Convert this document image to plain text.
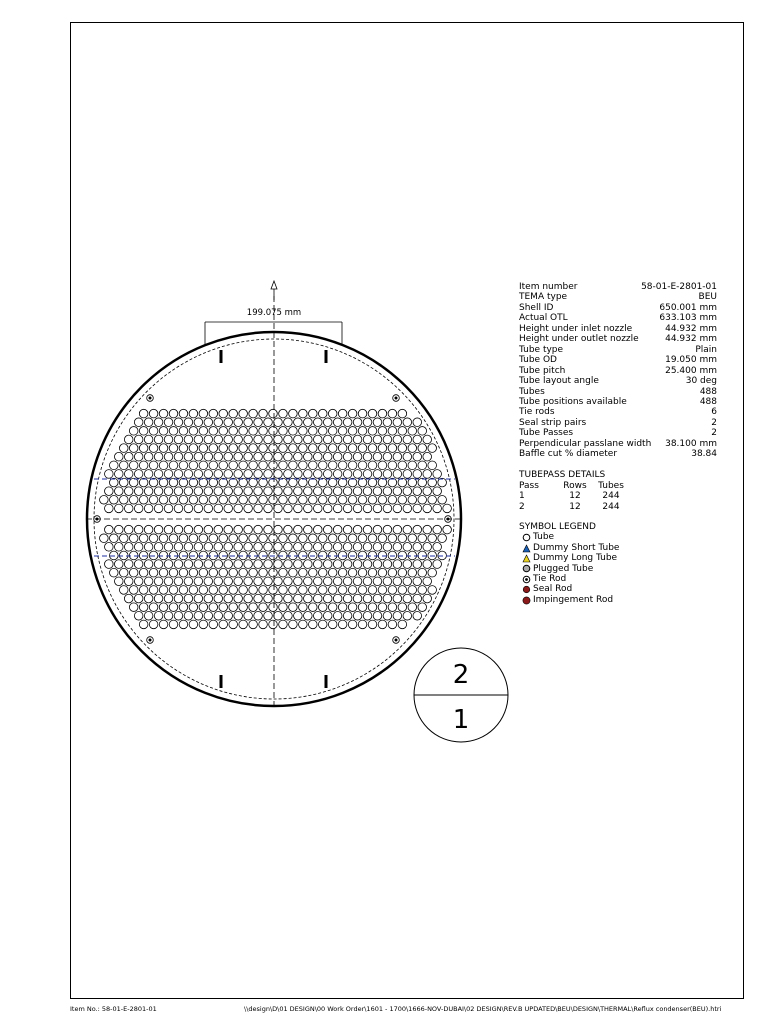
199.075 mm
2
1
Item number	58-01-E-2801-01
TEMA type	BEU
Shell ID	650.001 mm
Actual OTL	633.103 mm
Height under inlet nozzle	44.932 mm
Height under outlet nozzle	44.932 mm
Tube type	Plain
Tube OD	19.050 mm
Tube pitch	25.400 mm
Tube layout angle	30 deg
Tubes	488
Tube positions available	488
Tie rods	6
Seal strip pairs	2
Tube Passes	2
Perpendicular passlane width 38.100 mm
Baffle cut % diameter	38.84
TUBEPASS DETAILS
Pass	Rows	Tubes
1	12	244
2	12	244
SYMBOL LEGEND
Tube
Dummy Short Tube
Dummy Long Tube
Plugged Tube
Tie Rod
Seal Rod
Impingement Rod
Item No.: 58-01-E-2801-01	\\design\D\01 DESIGN\00 Work Order\1601 - 1700\1666-NOV-DUBAI\02 DESIGN\REV.B UPDATED\BEU\DESIGN\THERMAL\Reflux condenser(BEU).htri
